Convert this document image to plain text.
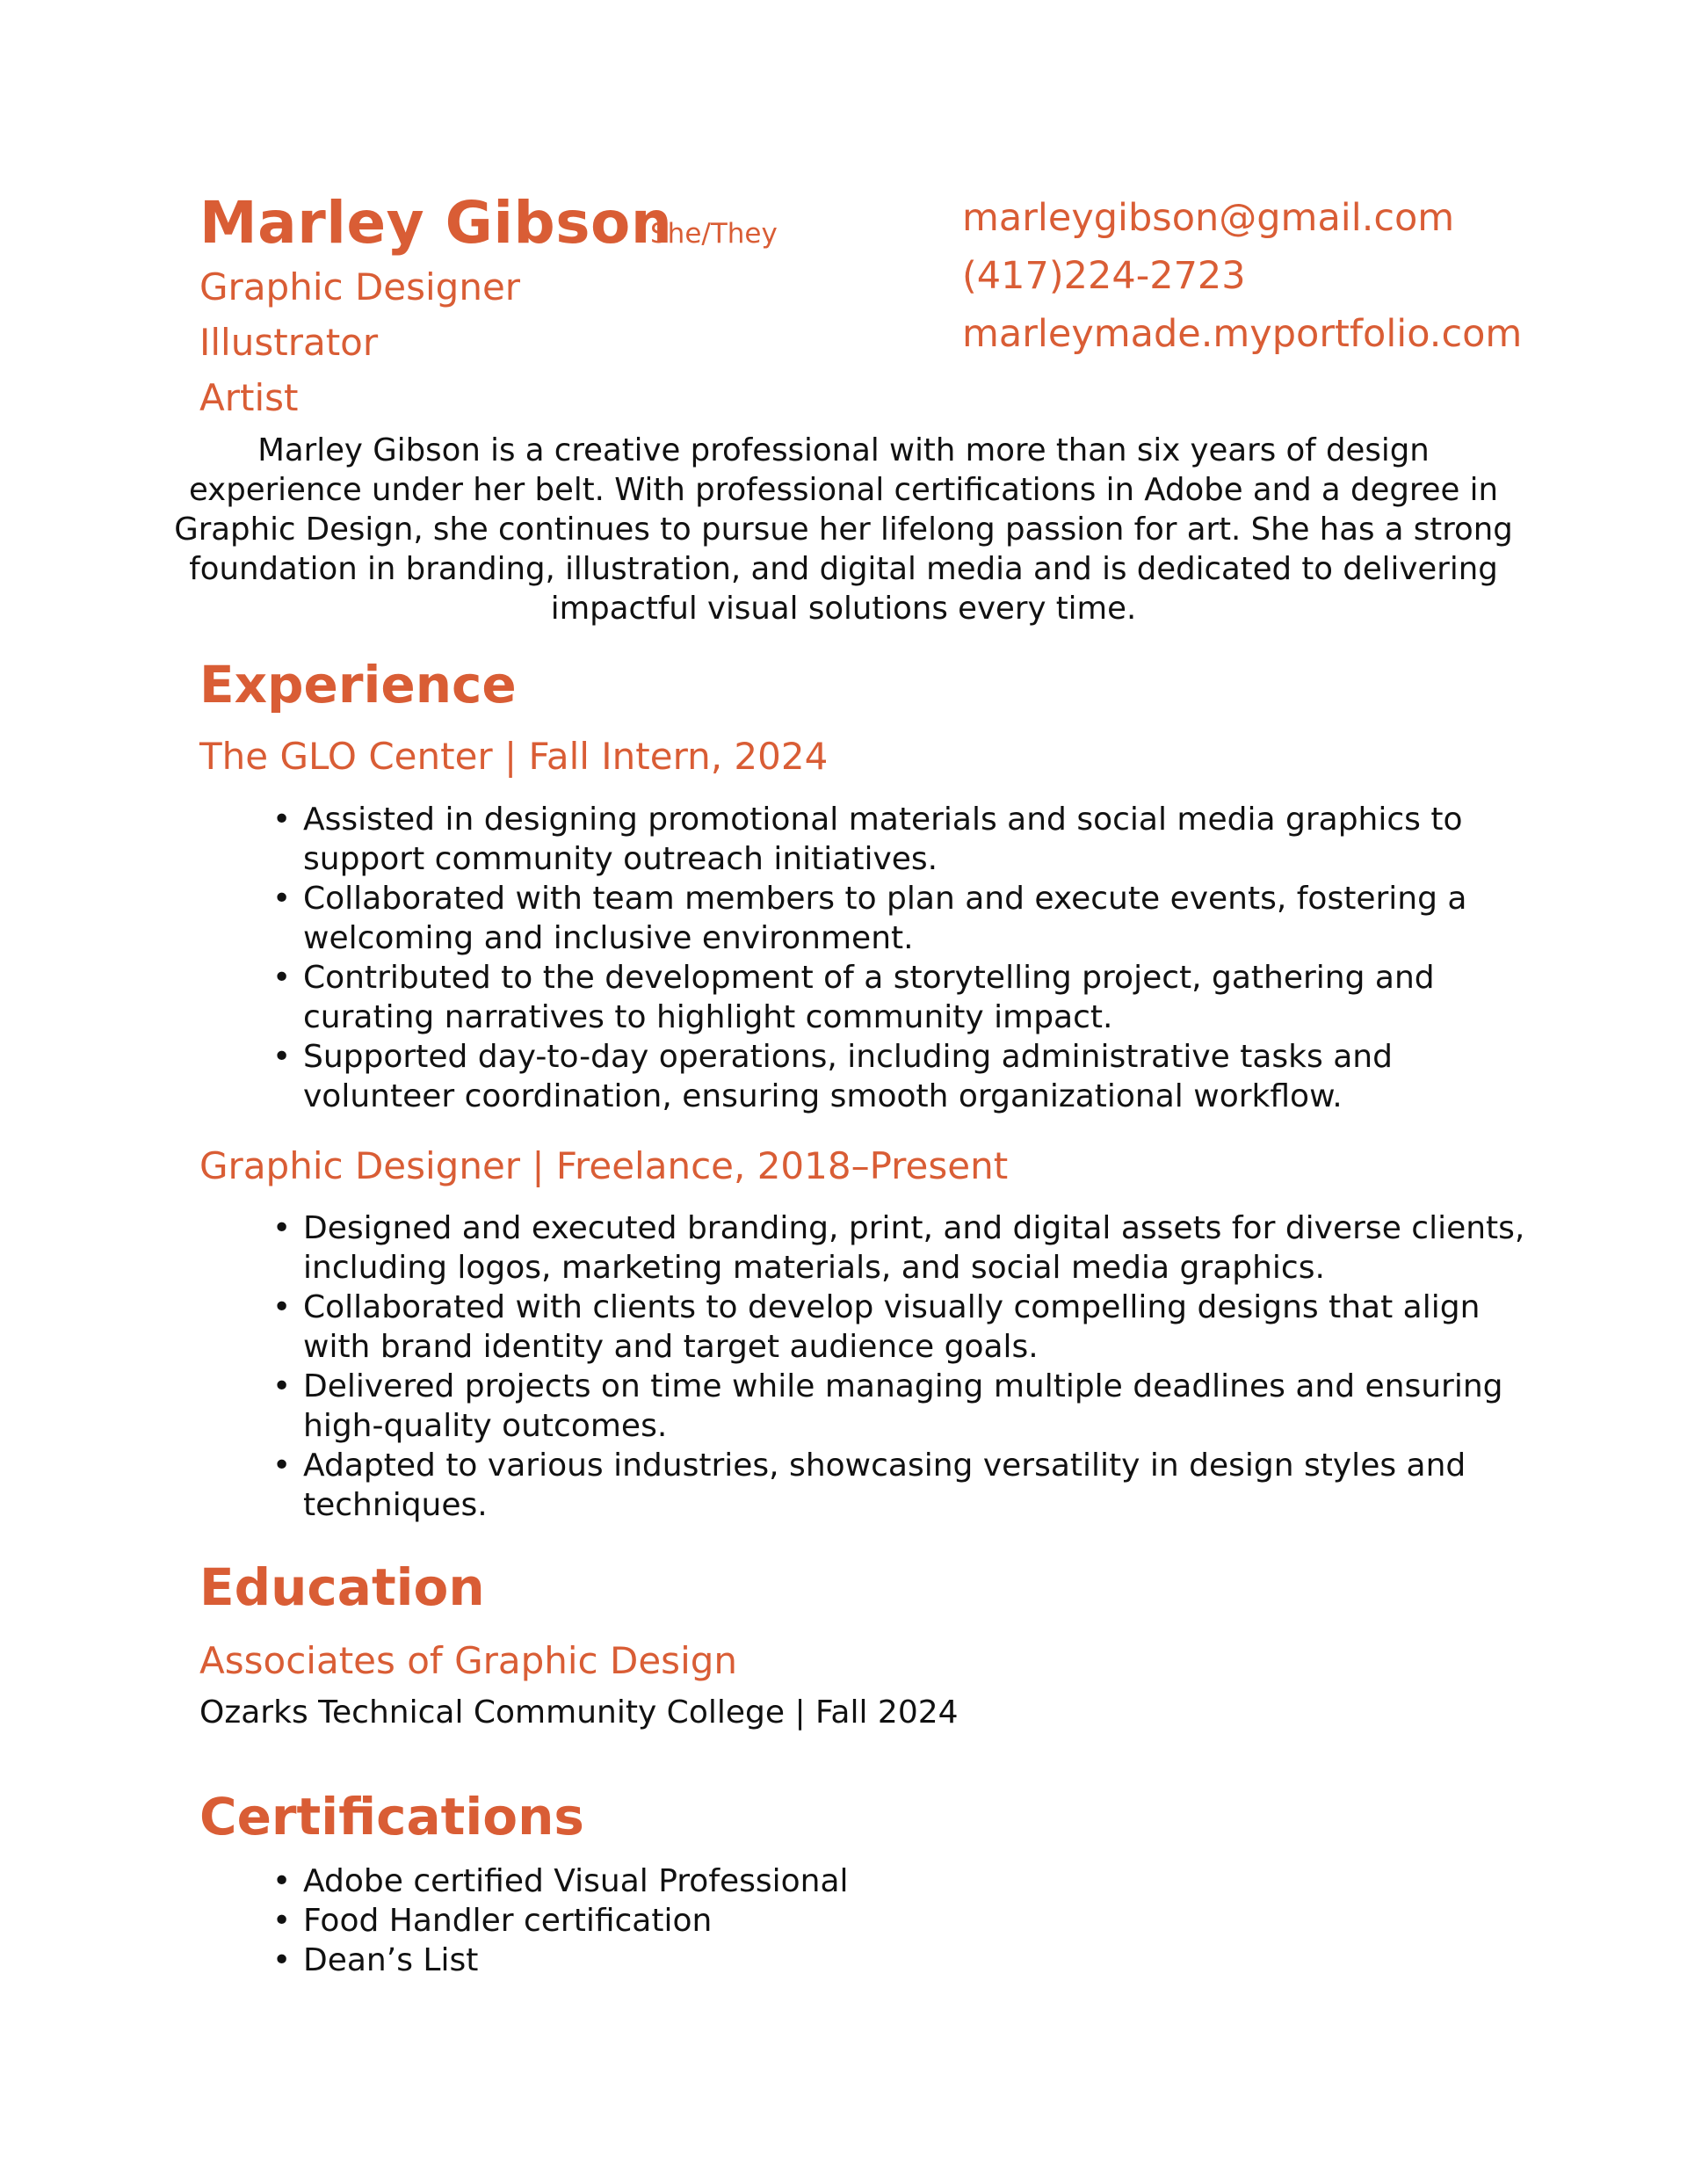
Marley Gibson
She/They
Graphic Designer
Illustrator
Artist
marleygibson@gmail.com
(417)224-2723
marleymade.myportfolio.com
Marley Gibson is a creative professional with more than six years of design experience under her belt. With professional certifications in Adobe and a degree in Graphic Design, she continues to pursue her lifelong passion for art. She has a strong foundation in branding, illustration, and digital media and is dedicated to delivering impactful visual solutions every time.
Experience
The GLO Center | Fall Intern, 2024
• Assisted in designing promotional materials and social media graphics to support community outreach initiatives.
• Collaborated with team members to plan and execute events, fostering a welcoming and inclusive environment.
• Contributed to the development of a storytelling project, gathering and curating narratives to highlight community impact.
• Supported day-to-day operations, including administrative tasks and volunteer coordination, ensuring smooth organizational workflow.
Graphic Designer | Freelance, 2018–Present
• Designed and executed branding, print, and digital assets for diverse clients, including logos, marketing materials, and social media graphics.
• Collaborated with clients to develop visually compelling designs that align with brand identity and target audience goals.
• Delivered projects on time while managing multiple deadlines and ensuring high-quality outcomes.
• Adapted to various industries, showcasing versatility in design styles and techniques.
Education
Associates of Graphic Design
Ozarks Technical Community College | Fall 2024
Certifications
• Adobe certified Visual Professional
• Food Handler certification
• Dean’s List
